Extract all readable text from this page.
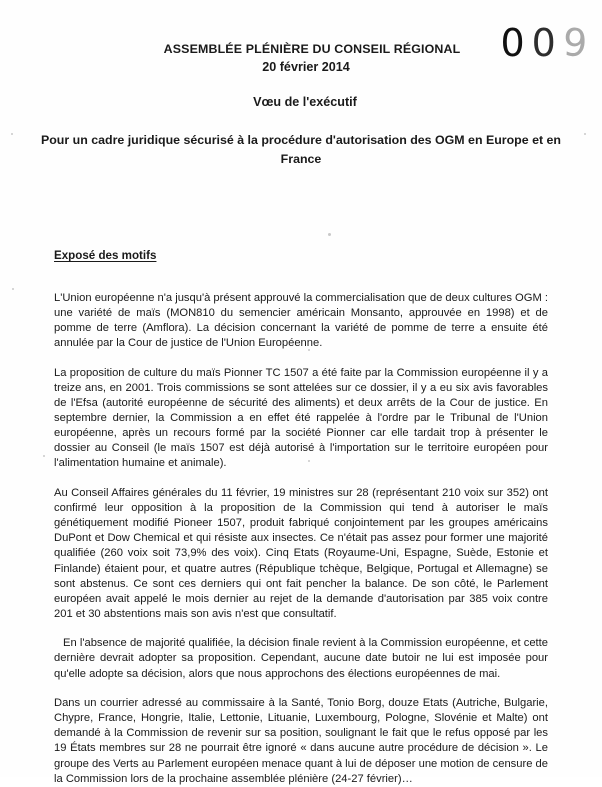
0 0
9
ASSEMBLÉE PLÉNIÈRE DU CONSEIL RÉGIONAL
20 février 2014
Vœu de l'exécutif
Pour un cadre juridique sécurisé à la procédure d'autorisation des OGM en Europe et en France
Exposé des motifs

L'Union européenne n'a jusqu'à présent approuvé la commercialisation que de deux cultures OGM : une variété de maïs (MON810 du semencier américain Monsanto, approuvée en 1998) et de pomme de terre (Amflora). La décision concernant la variété de pomme de terre a ensuite été annulée par la Cour de justice de l'Union Européenne.

La proposition de culture du maïs Pionner TC 1507 a été faite par la Commission européenne il y a treize ans, en 2001. Trois commissions se sont attelées sur ce dossier, il y a eu six avis favorables de l'Efsa (autorité européenne de sécurité des aliments) et deux arrêts de la Cour de justice. En septembre dernier, la Commission a en effet été rappelée à l'ordre par le Tribunal de l'Union européenne, après un recours formé par la société Pionner car elle tardait trop à présenter le dossier au Conseil (le maïs 1507 est déjà autorisé à l'importation sur le territoire européen pour l'alimentation humaine et animale).

Au Conseil Affaires générales du 11 février, 19 ministres sur 28 (représentant 210 voix sur 352) ont confirmé leur opposition à la proposition de la Commission qui tend à autoriser le maïs génétiquement modifié Pioneer 1507, produit fabriqué conjointement par les groupes américains DuPont et Dow Chemical et qui résiste aux insectes. Ce n'était pas assez pour former une majorité qualifiée (260 voix soit 73,9% des voix). Cinq Etats (Royaume-Uni, Espagne, Suède, Estonie et Finlande) étaient pour, et quatre autres (République tchèque, Belgique, Portugal et Allemagne) se sont abstenus. Ce sont ces derniers qui ont fait pencher la balance. De son côté, le Parlement européen avait appelé le mois dernier au rejet de la demande d'autorisation par 385 voix contre 201 et 30 abstentions mais son avis n'est que consultatif.

En l'absence de majorité qualifiée, la décision finale revient à la Commission européenne, et cette dernière devrait adopter sa proposition. Cependant, aucune date butoir ne lui est imposée pour qu'elle adopte sa décision, alors que nous approchons des élections européennes de mai.

Dans un courrier adressé au commissaire à la Santé, Tonio Borg, douze Etats (Autriche, Bulgarie, Chypre, France, Hongrie, Italie, Lettonie, Lituanie, Luxembourg, Pologne, Slovénie et Malte) ont demandé à la Commission de revenir sur sa position, soulignant le fait que le refus opposé par les 19 États membres sur 28 ne pourrait être ignoré « dans aucune autre procédure de décision ». Le groupe des Verts au Parlement européen menace quant à lui de déposer une motion de censure de la Commission lors de la prochaine assemblée plénière (24-27 février)…
